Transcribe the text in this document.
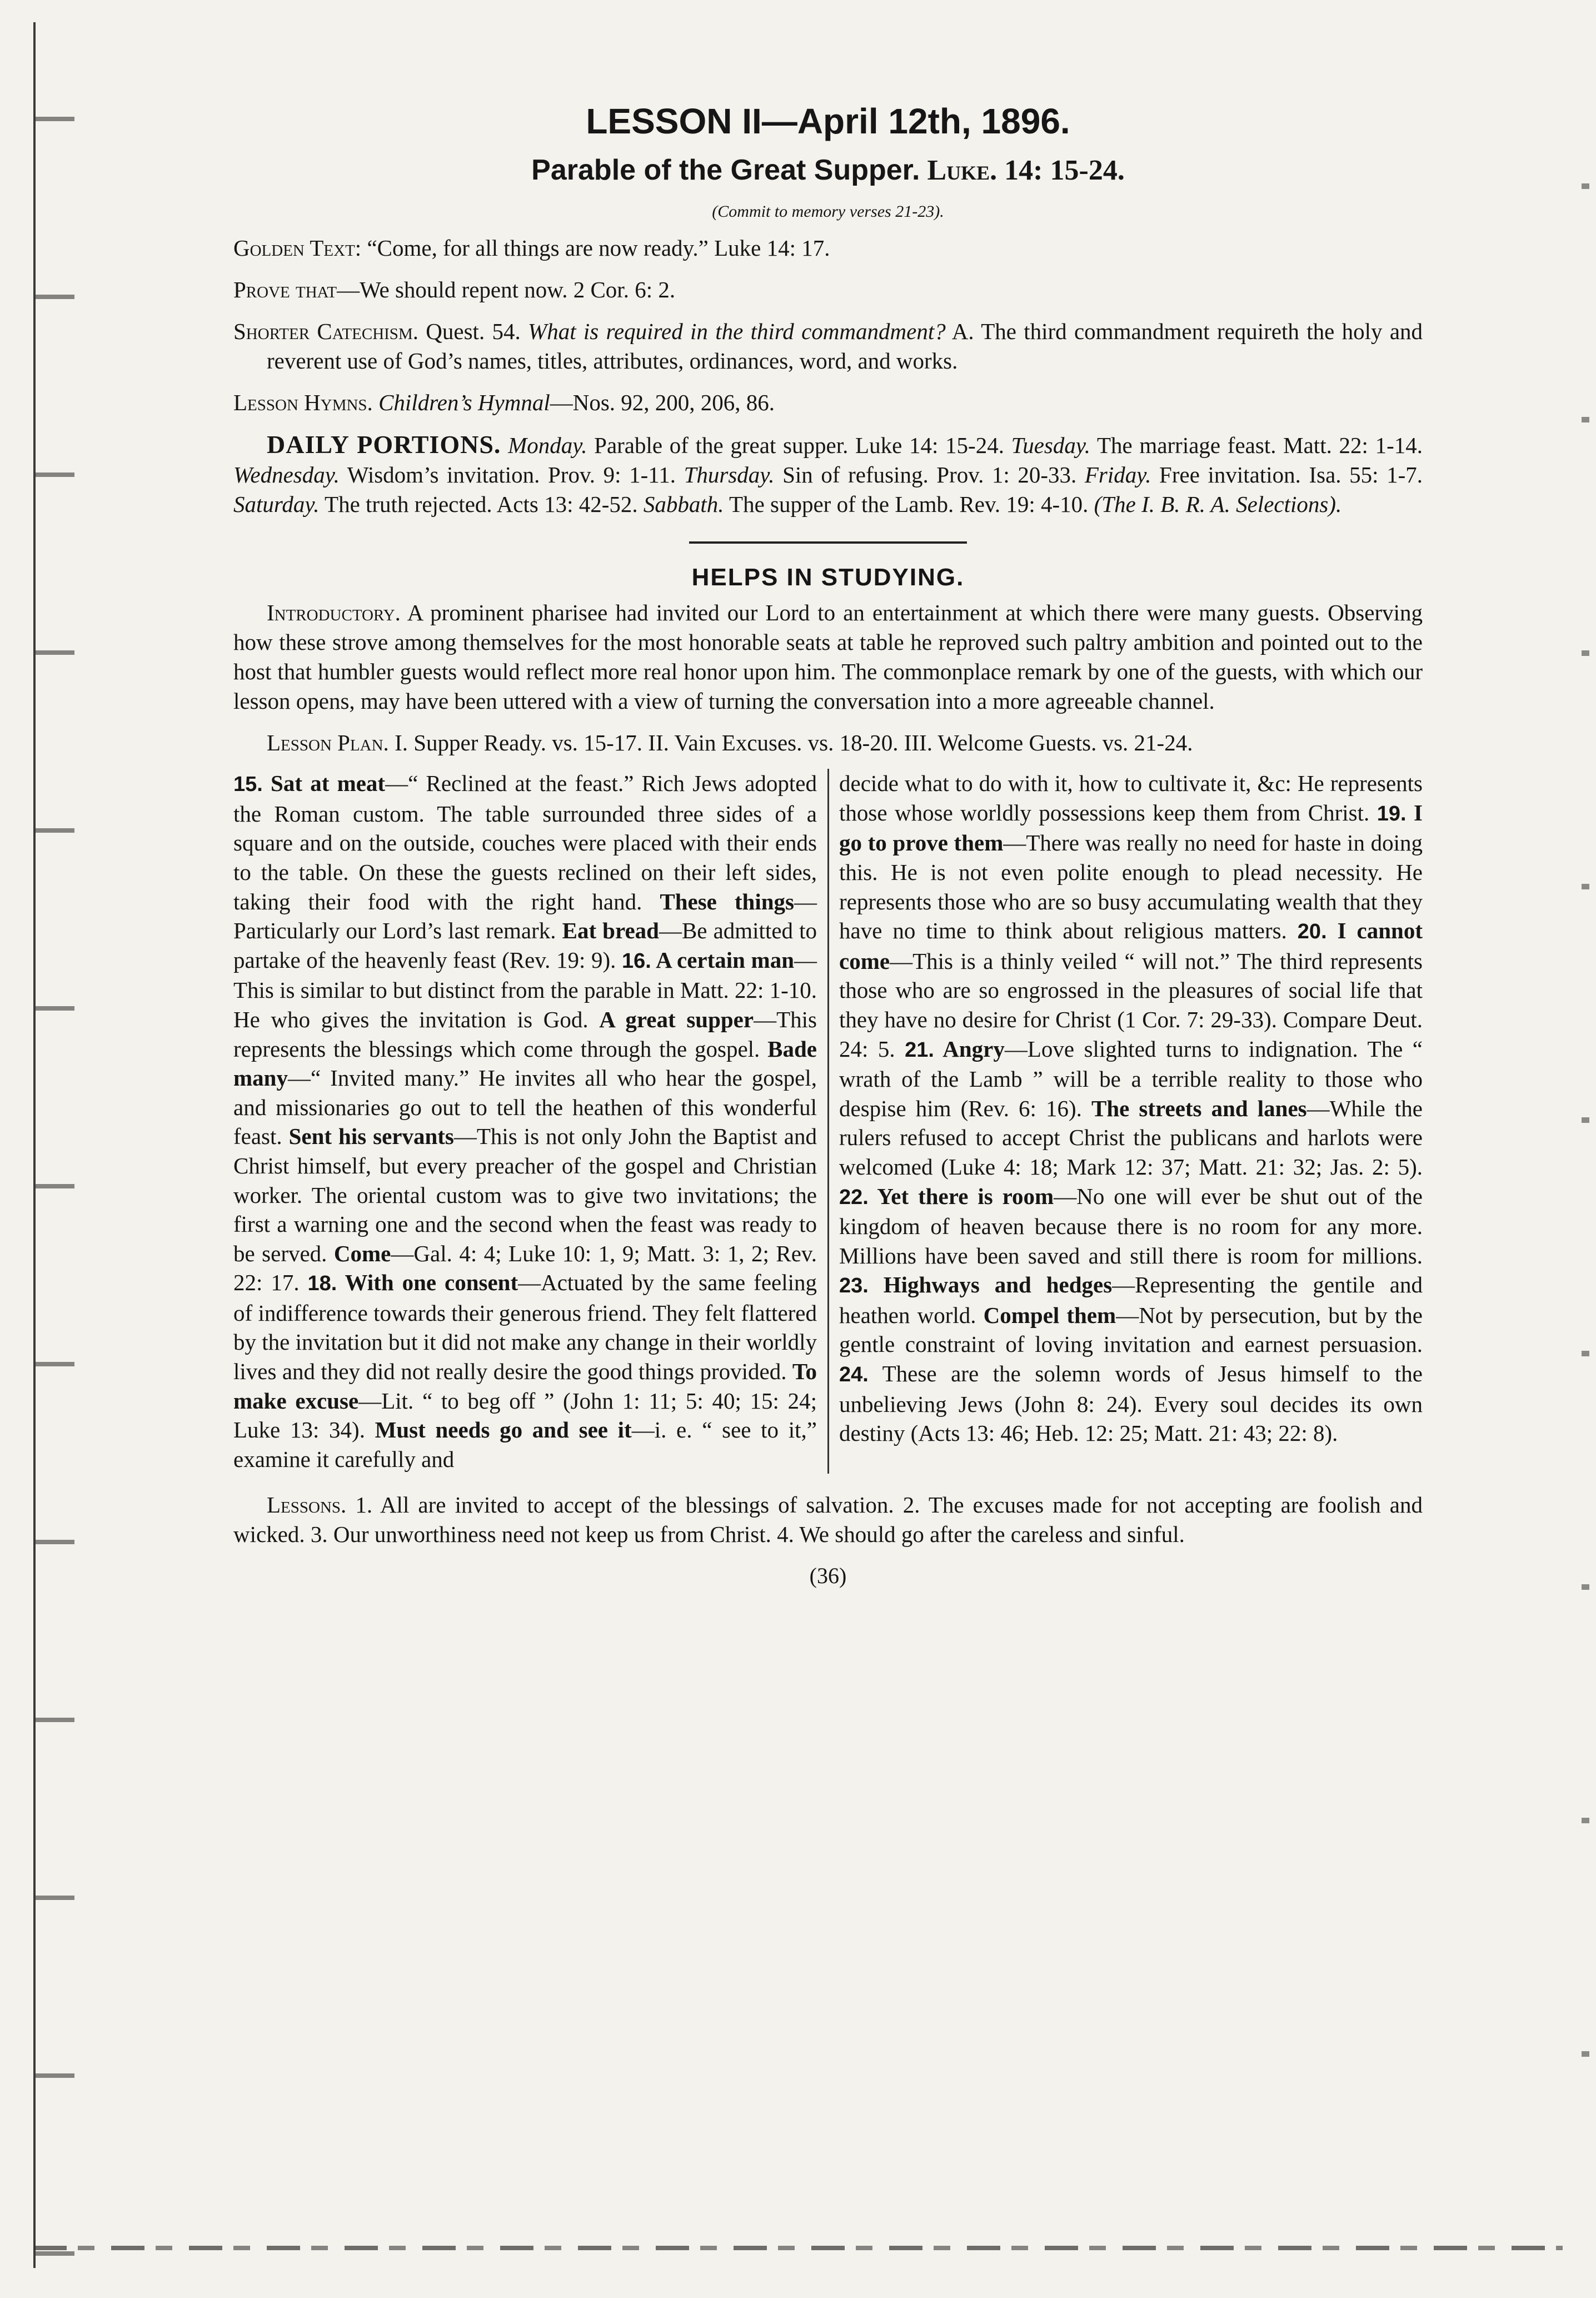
LESSON II—April 12th, 1896.
Parable of the Great Supper. Luke. 14: 15-24.

(Commit to memory verses 21-23).

Golden Text: “Come, for all things are now ready.” Luke 14: 17.

Prove that—We should repent now. 2 Cor. 6: 2.

Shorter Catechism. Quest. 54. What is required in the third commandment? A. The third commandment requireth the holy and reverent use of God’s names, titles, attributes, ordinances, word, and works.

Lesson Hymns. Children’s Hymnal—Nos. 92, 200, 206, 86.

DAILY PORTIONS. Monday. Parable of the great supper. Luke 14: 15-24. Tuesday. The marriage feast. Matt. 22: 1-14. Wednesday. Wisdom’s invitation. Prov. 9: 1-11. Thursday. Sin of refusing. Prov. 1: 20-33. Friday. Free invitation. Isa. 55: 1-7. Saturday. The truth rejected. Acts 13: 42-52. Sabbath. The supper of the Lamb. Rev. 19: 4-10. (The I. B. R. A. Selections).

HELPS IN STUDYING.

Introductory. A prominent pharisee had invited our Lord to an entertainment at which there were many guests. Observing how these strove among themselves for the most honorable seats at table he reproved such paltry ambition and pointed out to the host that humbler guests would reflect more real honor upon him. The commonplace remark by one of the guests, with which our lesson opens, may have been uttered with a view of turning the conversation into a more agreeable channel.

Lesson Plan. I. Supper Ready. vs. 15-17. II. Vain Excuses. vs. 18-20. III. Welcome Guests. vs. 21-24.

15. Sat at meat—“ Reclined at the feast.” Rich Jews adopted the Roman custom. The table surrounded three sides of a square and on the outside, couches were placed with their ends to the table. On these the guests reclined on their left sides, taking their food with the right hand. These things—Particularly our Lord’s last remark. Eat bread—Be admitted to partake of the heavenly feast (Rev. 19: 9). 16. A certain man—This is similar to but distinct from the parable in Matt. 22: 1-10. He who gives the invitation is God. A great supper—This represents the blessings which come through the gospel. Bade many—“ Invited many.” He invites all who hear the gospel, and missionaries go out to tell the heathen of this wonderful feast. Sent his servants—This is not only John the Baptist and Christ himself, but every preacher of the gospel and Christian worker. The oriental custom was to give two invitations; the first a warning one and the second when the feast was ready to be served. Come—Gal. 4: 4; Luke 10: 1, 9; Matt. 3: 1, 2; Rev. 22: 17. 18. With one consent—Actuated by the same feeling of indifference towards their generous friend. They felt flattered by the invitation but it did not make any change in their worldly lives and they did not really desire the good things provided. To make excuse—Lit. “ to beg off ” (John 1: 11; 5: 40; 15: 24; Luke 13: 34). Must needs go and see it—i. e. “ see to it,” examine it carefully and
decide what to do with it, how to cultivate it, &c: He represents those whose worldly possessions keep them from Christ. 19. I go to prove them—There was really no need for haste in doing this. He is not even polite enough to plead necessity. He represents those who are so busy accumulating wealth that they have no time to think about religious matters. 20. I cannot come—This is a thinly veiled “ will not.” The third represents those who are so engrossed in the pleasures of social life that they have no desire for Christ (1 Cor. 7: 29-33). Compare Deut. 24: 5. 21. Angry—Love slighted turns to indignation. The “ wrath of the Lamb ” will be a terrible reality to those who despise him (Rev. 6: 16). The streets and lanes—While the rulers refused to accept Christ the publicans and harlots were welcomed (Luke 4: 18; Mark 12: 37; Matt. 21: 32; Jas. 2: 5). 22. Yet there is room—No one will ever be shut out of the kingdom of heaven because there is no room for any more. Millions have been saved and still there is room for millions. 23. Highways and hedges—Representing the gentile and heathen world. Compel them—Not by persecution, but by the gentle constraint of loving invitation and earnest persuasion. 24. These are the solemn words of Jesus himself to the unbelieving Jews (John 8: 24). Every soul decides its own destiny (Acts 13: 46; Heb. 12: 25; Matt. 21: 43; 22: 8).

Lessons. 1. All are invited to accept of the blessings of salvation. 2. The excuses made for not accepting are foolish and wicked. 3. Our unworthiness need not keep us from Christ. 4. We should go after the careless and sinful.

(36)
